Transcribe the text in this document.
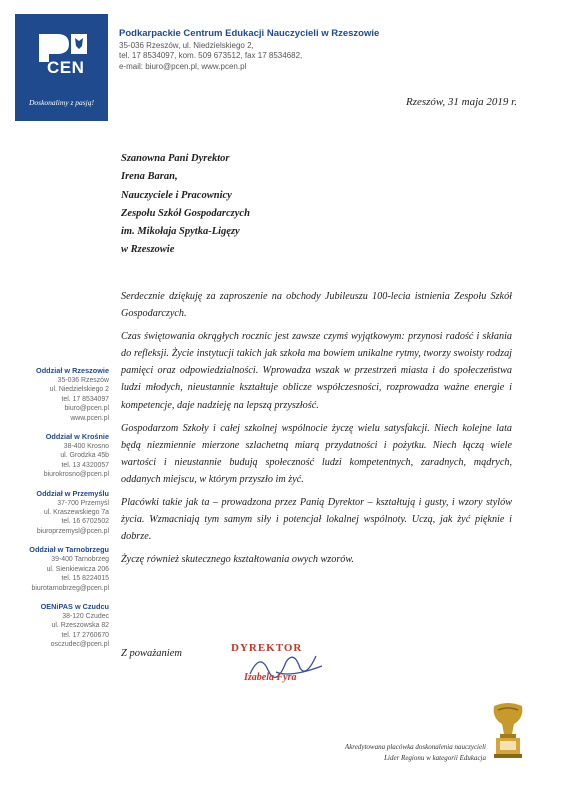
CEN
Doskonalimy z pasją!
Podkarpackie Centrum Edukacji Nauczycieli w Rzeszowie
35-036 Rzeszów, ul. Niedzielskiego 2,
tel. 17 8534097, kom. 509 673512, fax 17 8534682,
e-mail: biuro@pcen.pl, www.pcen.pl
Rzeszów, 31 maja 2019 r.
Szanowna Pani Dyrektor
Irena Baran,
Nauczyciele i Pracownicy
Zespołu Szkół Gospodarczych
im. Mikołaja Spytka-Ligęzy
w Rzeszowie

Serdecznie dziękuję za zaproszenie na obchody Jubileuszu 100-lecia istnienia Zespołu Szkół Gospodarczych.

Czas świętowania okrągłych rocznic jest zawsze czymś wyjątkowym: przynosi radość i skłania do refleksji. Życie instytucji takich jak szkoła ma bowiem unikalne rytmy, tworzy swoisty rodzaj pamięci oraz odpowiedzialności. Wprowadza wszak w przestrzeń miasta i do społeczeństwa ludzi młodych, nieustannie kształtuje oblicze współczesności, rozprowadza ważne energie i kompetencje, daje nadzieję na lepszą przyszłość.

Gospodarzom Szkoły i całej szkolnej wspólnocie życzę wielu satysfakcji. Niech kolejne lata będą niezmiennie mierzone szlachetną miarą przydatności i pożytku. Niech łączą wiele wartości i nieustannie budują społeczność ludzi kompetentnych, zaradnych, mądrych, oddanych miejscu, w którym przyszło im żyć.

Placówki takie jak ta – prowadzona przez Panią Dyrektor – kształtują i gusty, i wzory stylów życia. Wzmacniają tym samym siły i potencjał lokalnej wspólnoty. Uczą, jak żyć pięknie i dobrze.

Życzę również skutecznego kształtowania owych wzorów.

Oddział w Rzeszowie
35-036 Rzeszów
ul. Niedzielskiego 2
tel. 17 8534097
biuro@pcen.pl
www.pcen.pl
Oddział w Krośnie
38-400 Krosno
ul. Grodzka 45b
tel. 13 4320057
biurokrosno@pcen.pl
Oddział w Przemyślu
37-700 Przemyśl
ul. Kraszewskiego 7a
tel. 16 6702502
biuroprzemysl@pcen.pl
Oddział w Tarnobrzegu
39-400 Tarnobrzeg
ul. Sienkiewicza 206
tel. 15 8224015
biurotarnobrzeg@pcen.pl
OENiPAS w Czudcu
38-120 Czudec
ul. Rzeszowska 82
tel. 17 2760670
osczudec@pcen.pl
Z poważaniem	DYREKTOR
Izabela Fyra
Akredytowana placówka doskonalenia nauczycieli
Lider Regionu w kategorii Edukacja
